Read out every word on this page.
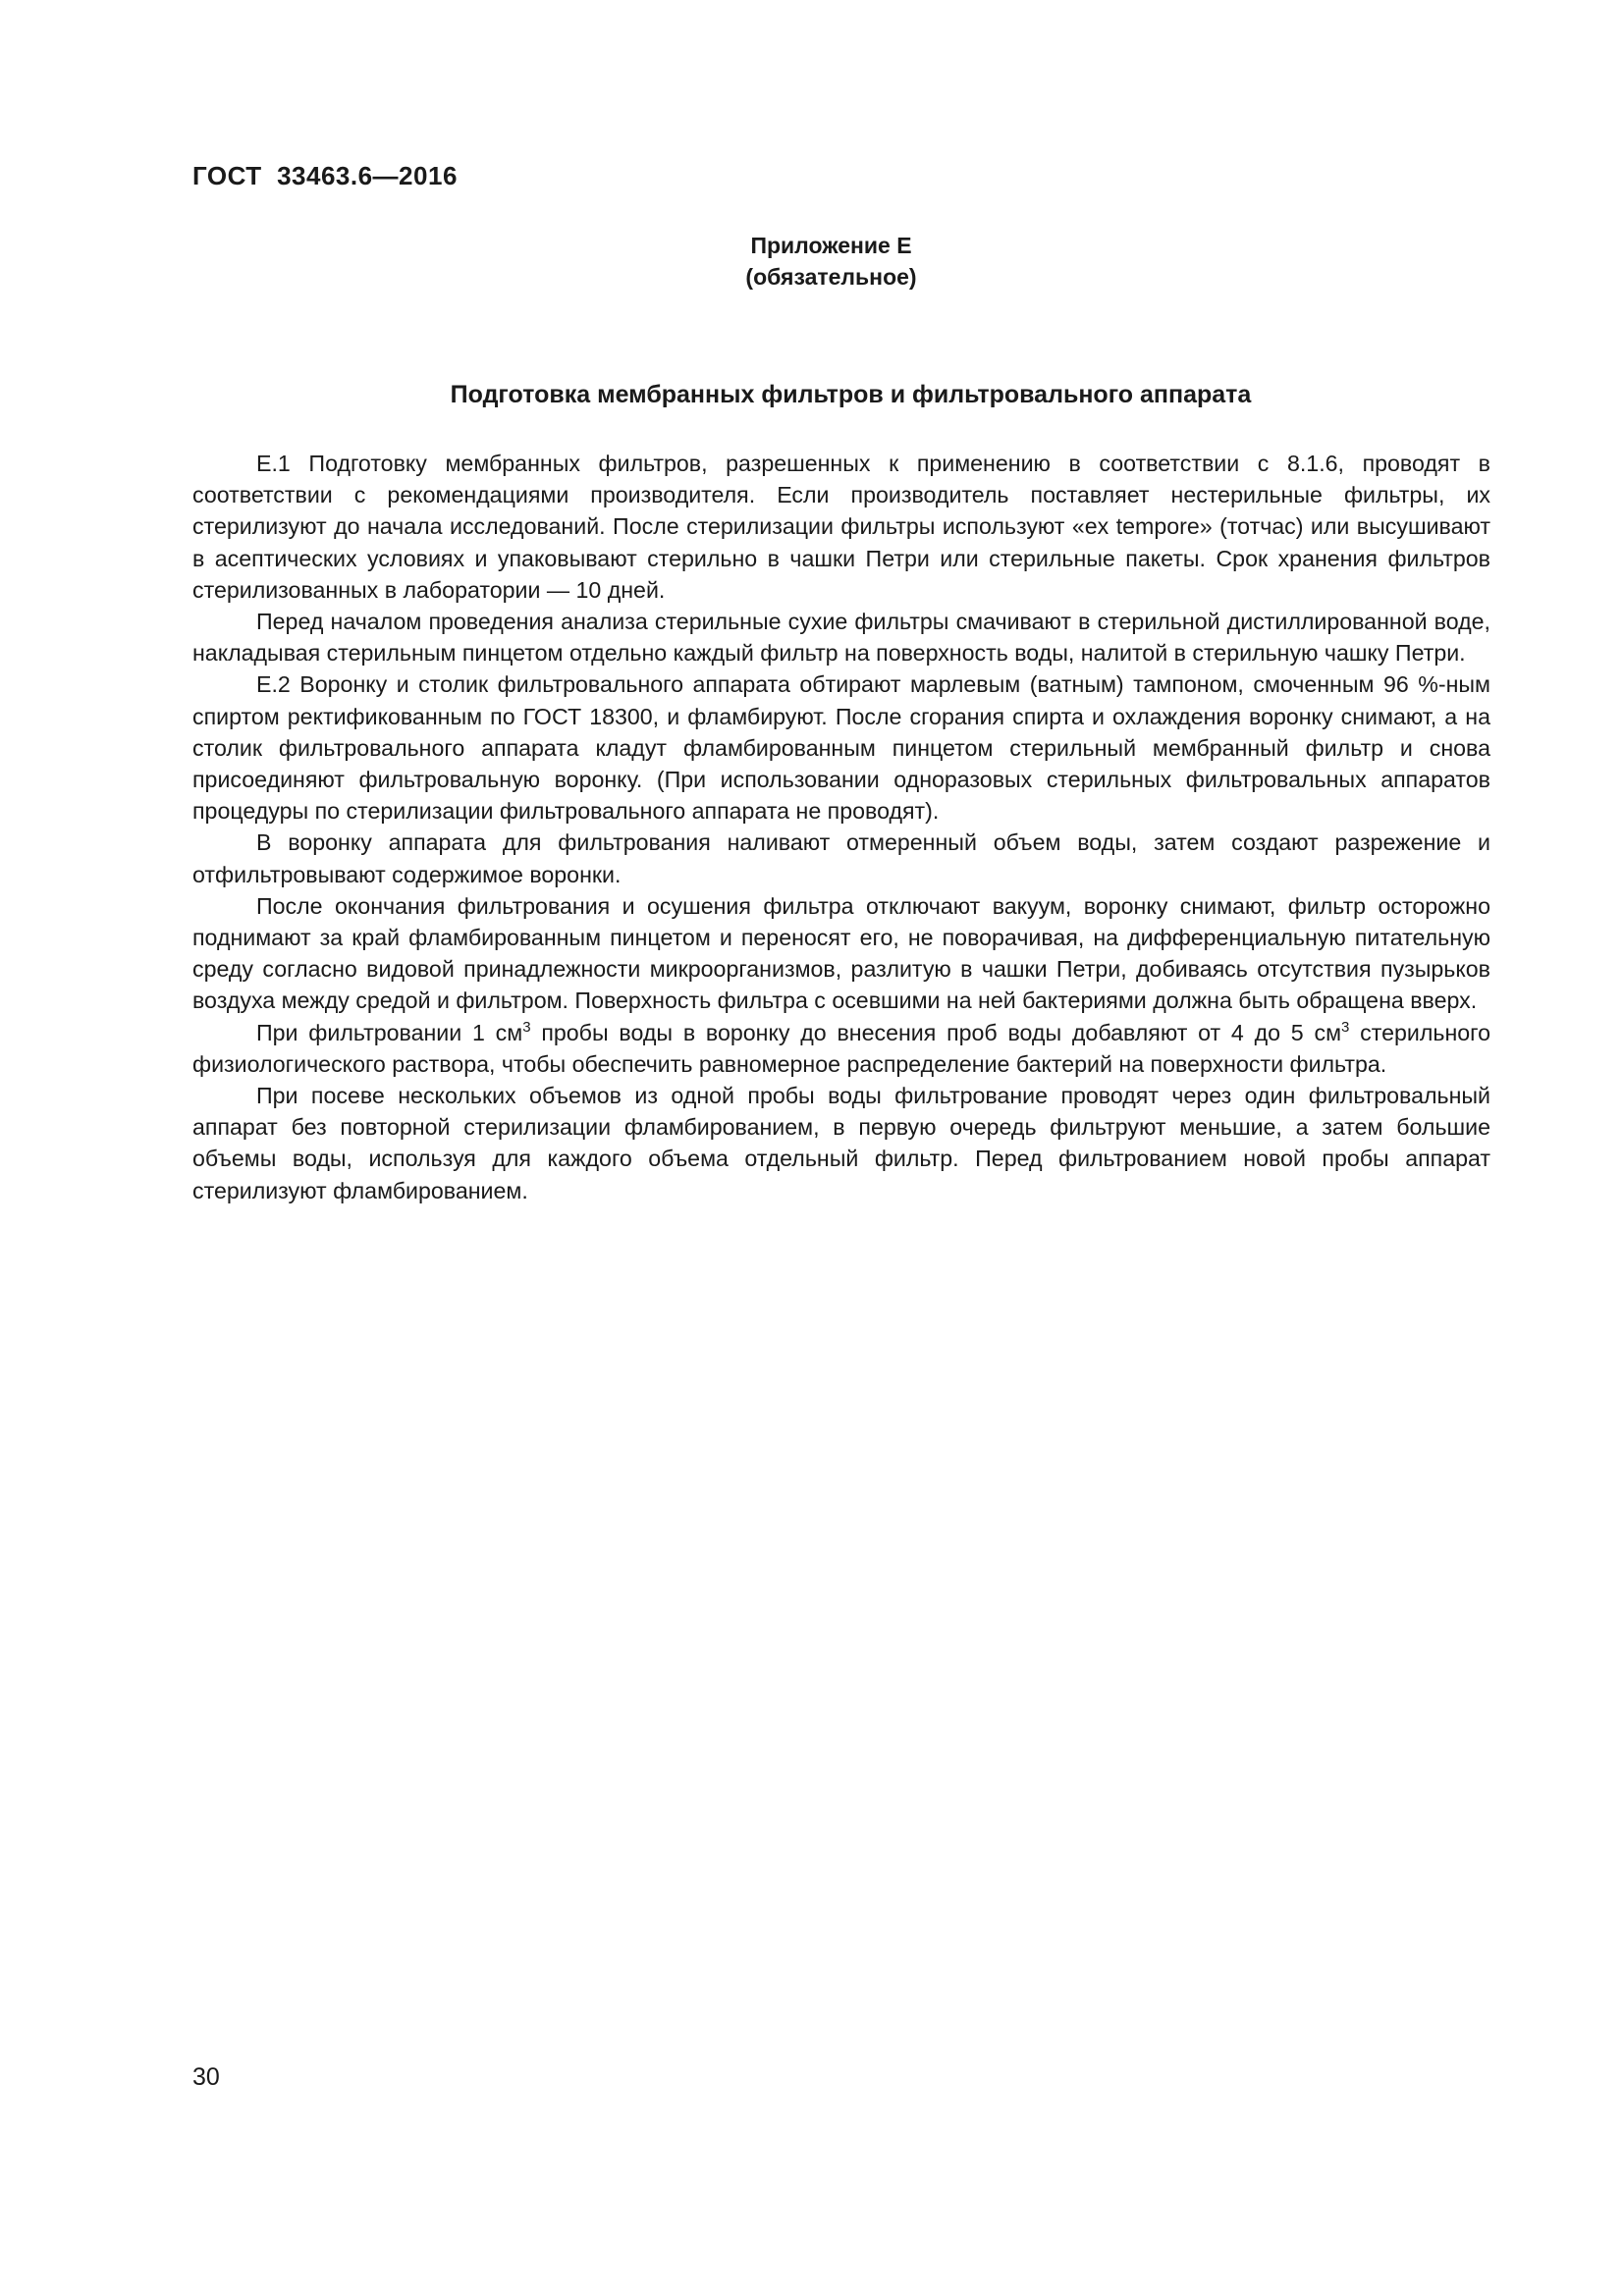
ГОСТ  33463.6—2016
Приложение Е
(обязательное)
Подготовка мембранных фильтров и фильтровального аппарата

Е.1 Подготовку мембранных фильтров, разрешенных к применению в соответствии с 8.1.6, проводят в соответствии с рекомендациями производителя. Если производитель поставляет нестерильные фильтры, их стерилизуют до начала исследований. После стерилизации фильтры используют «ex tempore» (тотчас) или высушивают в асептических условиях и упаковывают стерильно в чашки Петри или стерильные пакеты. Срок хранения фильтров стерилизованных в лаборатории — 10 дней.

Перед началом проведения анализа стерильные сухие фильтры смачивают в стерильной дистиллированной воде, накладывая стерильным пинцетом отдельно каждый фильтр на поверхность воды, налитой в стерильную чашку Петри.

Е.2 Воронку и столик фильтровального аппарата обтирают марлевым (ватным) тампоном, смоченным 96 %-ным спиртом ректификованным по ГОСТ 18300, и фламбируют. После сгорания спирта и охлаждения воронку снимают, а на столик фильтровального аппарата кладут фламбированным пинцетом стерильный мембранный фильтр и снова присоединяют фильтровальную воронку. (При использовании одноразовых стерильных фильтровальных аппаратов процедуры по стерилизации фильтровального аппарата не проводят).

В воронку аппарата для фильтрования наливают отмеренный объем воды, затем создают разрежение и отфильтровывают содержимое воронки.

После окончания фильтрования и осушения фильтра отключают вакуум, воронку снимают, фильтр осторожно поднимают за край фламбированным пинцетом и переносят его, не поворачивая, на дифференциальную питательную среду согласно видовой принадлежности микроорганизмов, разлитую в чашки Петри, добиваясь отсутствия пузырьков воздуха между средой и фильтром. Поверхность фильтра с осевшими на ней бактериями должна быть обращена вверх.

При фильтровании 1 $см^3$ пробы воды в воронку до внесения проб воды добавляют от 4 до 5 $см^3$ стерильного физиологического раствора, чтобы обеспечить равномерное распределение бактерий на поверхности фильтра.

При посеве нескольких объемов из одной пробы воды фильтрование проводят через один фильтровальный аппарат без повторной стерилизации фламбированием, в первую очередь фильтруют меньшие, а затем большие объемы воды, используя для каждого объема отдельный фильтр. Перед фильтрованием новой пробы аппарат стерилизуют фламбированием.

30
